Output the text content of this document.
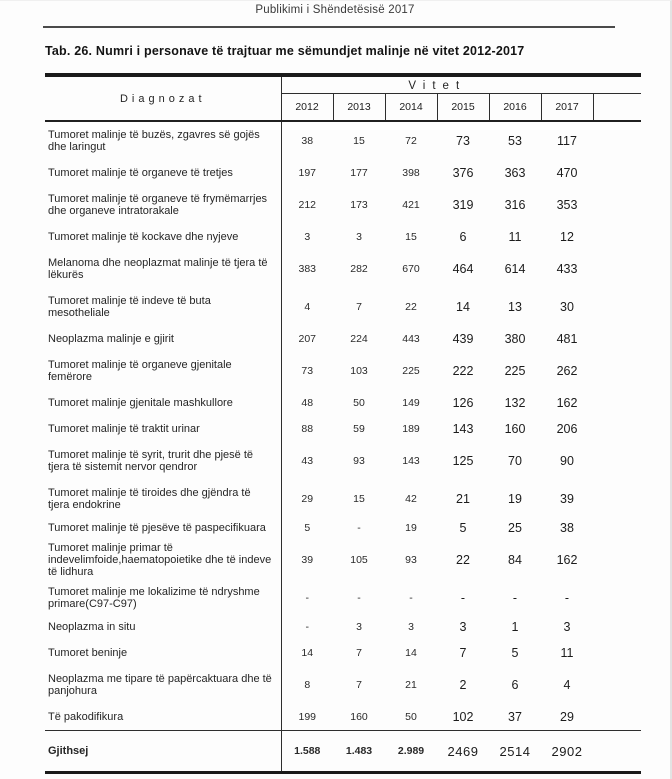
Publikimi i Shëndetësisë 2017
Tab. 26. Numri i personave të trajtuar me sëmundjet malinje në vitet 2012-2017
Diagnozat	Vitet						
	2012	2013	2014	2015	2016	2017	
Tumoret malinje të buzës, zgavres së gojës dhe laringut	38	15	72	73	53	117	
Tumoret malinje të organeve të tretjes	197	177	398	376	363	470	
Tumoret malinje të organeve të frymëmarrjes dhe organeve intratorakale	212	173	421	319	316	353	
Tumoret malinje të kockave dhe nyjeve	3	3	15	6	11	12	
Melanoma dhe neoplazmat malinje të tjera të lëkurës	383	282	670	464	614	433	
Tumoret malinje të indeve të buta mesotheliale	4	7	22	14	13	30	
Neoplazma malinje e gjirit	207	224	443	439	380	481	
Tumoret malinje të organeve gjenitale femërore	73	103	225	222	225	262	
Tumoret malinje gjenitale mashkullore	48	50	149	126	132	162	
Tumoret malinje të traktit urinar	88	59	189	143	160	206	
Tumoret malinje të syrit, trurit dhe pjesë të tjera të sistemit nervor qendror	43	93	143	125	70	90	
Tumoret malinje të tiroides dhe gjëndra të tjera endokrine	29	15	42	21	19	39	
Tumoret malinje të pjesëve të paspecifikuara	5	-	19	5	25	38	
Tumoret malinje primar të indevelimfoide,haematopoietike dhe të indeve të lidhura	39	105	93	22	84	162	
Tumoret malinje me lokalizime të ndryshme primare(C97-C97)	-	-	-	-	-	-	
Neoplazma in situ	-	3	3	3	1	3	
Tumoret beninje	14	7	14	7	5	11	
Neoplazma me tipare të papërcaktuara dhe të panjohura	8	7	21	2	6	4	
Të pakodifikura	199	160	50	102	37	29	
Gjithsej	1.588	1.483	2.989	2469	2514	2902	
